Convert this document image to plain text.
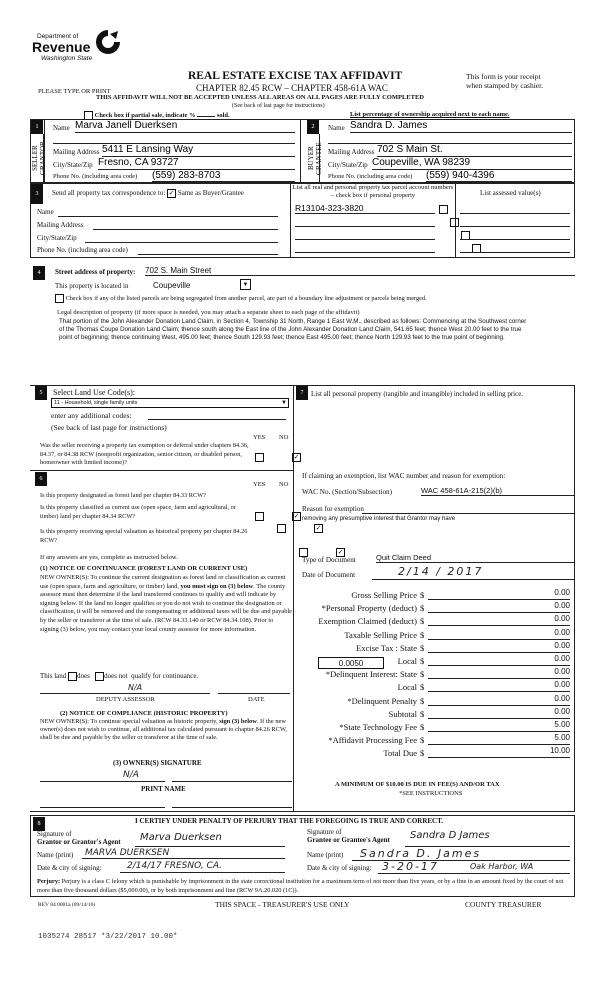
Department of
Revenue
Washington State
PLEASE TYPE OR PRINT
REAL ESTATE EXCISE TAX AFFIDAVIT
CHAPTER 82.45 RCW – CHAPTER 458-61A WAC
This form is your receipt
when stamped by cashier.
THIS AFFIDAVIT WILL NOT BE ACCEPTED UNLESS ALL AREAS ON ALL PAGES ARE FULLY COMPLETED
(See back of last page for instructions)
Check box if partial sale, indicate %	sold.	List percentage of ownership acquired next to each name.
1
SELLER
GRANTOR
2
BUYER
GRANTEE
Name Marva Janell Duerksen
Mailing Address 5411 E Lansing Way
City/State/Zip Fresno, CA 93727
Phone No. (including area code) (559) 283-8703
Name Sandra D. James
Mailing Address 702 S Main St.
City/State/Zip Coupeville, WA 98239
Phone No. (including area code) (559) 940-4396
3	Send all property tax correspondence to: ✓ Same as Buyer/Grantee
Name
Mailing Address
City/State/Zip
Phone No. (including area code)
List all real and personal property tax parcel account numbers – check box if personal property	List assessed value(s)
R13104-323-3820

4	Street address of property: 702 S. Main Street
This property is located in	Coupeville	▼
Check box if any of the listed parcels are being segregated from another parcel, are part of a boundary line adjustment or parcels being merged.
Legal description of property (if more space is needed, you may attach a separate sheet to each page of the affidavit)
That portion of the John Alexander Donation Land Claim, in Section 4, Township 31 North, Range 1 East W.M., described as follows: Commencing at the Southwest corner of the Thomas Coupe Donation Land Claim; thence south along the East line of the John Alexander Donation Land Claim, 541.65 feet; thence West 20.00 feet to the true point of beginning; thence continuing West, 495.00 feet; thence South 129.93 feet; thence East 495.00 feet; thence North 129.93 feet to the true point of beginning.
5	Select Land Use Code(s):
11 - Household, single family units	▼
enter any additional codes:
(See back of last page for instructions)
YES NO
Was the seller receiving a property tax exemption or deferral under chapters 84.36, 84.37, or 84.38 RCW (nonprofit organization, senior citizen, or disabled person, homeowner with limited income)?
✓
6
YES NO
Is this property designated as forest land per chapter 84.33 RCW?
✓
Is this property classified as current use (open space, farm and agricultural, or timber) land per chapter 84.34 RCW?
✓
Is this property receiving special valuation as historical property per chapter 84.26 RCW?
✓
If any answers are yes, complete as instructed below.
(1) NOTICE OF CONTINUANCE (FOREST LAND OR CURRENT USE)
NEW OWNER(S): To continue the current designation as forest land or classification as current use (open space, farm and agriculture, or timber) land, you must sign on (3) below. The county assessor must then determine if the land transferred continues to qualify and will indicate by signing below. If the land no longer qualifies or you do not wish to continue the designation or classification, it will be removed and the compensating or additional taxes will be due and payable by the seller or transferor at the time of sale. (RCW 84.33.140 or RCW 84.34.108). Prior to signing (3) below, you may contact your local county assessor for more information.
This land does does not qualify for continuance.
N/A
DEPUTY ASSESSOR	DATE
(2) NOTICE OF COMPLIANCE (HISTORIC PROPERTY)
NEW OWNER(S): To continue special valuation as historic property, sign (3) below. If the new owner(s) does not wish to continue, all additional tax calculated pursuant to chapter 84.26 RCW, shall be due and payable by the seller or transferor at the time of sale.
(3) OWNER(S) SIGNATURE
N/A
PRINT NAME
7	List all personal property (tangible and intangible) included in selling price.
If claiming an exemption, list WAC number and reason for exemption:
WAC No. (Section/Subsection)	WAC 458-61A-215(2)(b)
Reason for exemption
removing any presumptive interest that Grantor may have
Type of Document	Quit Claim Deed
Date of Document	2/14 / 2017
0.0050
Gross Selling Price $	0.00
*Personal Property (deduct) $	0.00
Exemption Claimed (deduct) $	0.00
Taxable Selling Price $	0.00
Excise Tax : State $	0.00
Local $	0.00
*Delinquent Interest: State $	0.00
Local $	0.00
*Delinquent Penalty $	0.00
Subtotal $	0.00
*State Technology Fee $	5.00
*Affidavit Processing Fee $	5.00
Total Due $	10.00
A MINIMUM OF $10.00 IS DUE IN FEE(S) AND/OR TAX
*SEE INSTRUCTIONS
8	I CERTIFY UNDER PENALTY OF PERJURY THAT THE FOREGOING IS TRUE AND CORRECT.
Signature of
Grantor or Grantor's Agent Marva Duerksen
Name (print) MARVA DUERKSEN
Date & city of signing:	2/14/17 FRESNO, CA.
Signature of
Grantee or Grantee's Agent Sandra D James
Name (print) Sandra D. James
Date & city of signing: 3-20-17	Oak Harbor, WA
Perjury: Perjury is a class C felony which is punishable by imprisonment in the state correctional institution for a maximum term of not more than five years, or by a fine in an amount fixed by the court of not more than five thousand dollars ($5,000.00), or by both imprisonment and fine (RCW 9A.20.020 (1C)).
REV 84 0001a (09/14/16)	THIS SPACE - TREASURER'S USE ONLY	COUNTY TREASURER
1035274 28517 *3/22/2017 10.00*
